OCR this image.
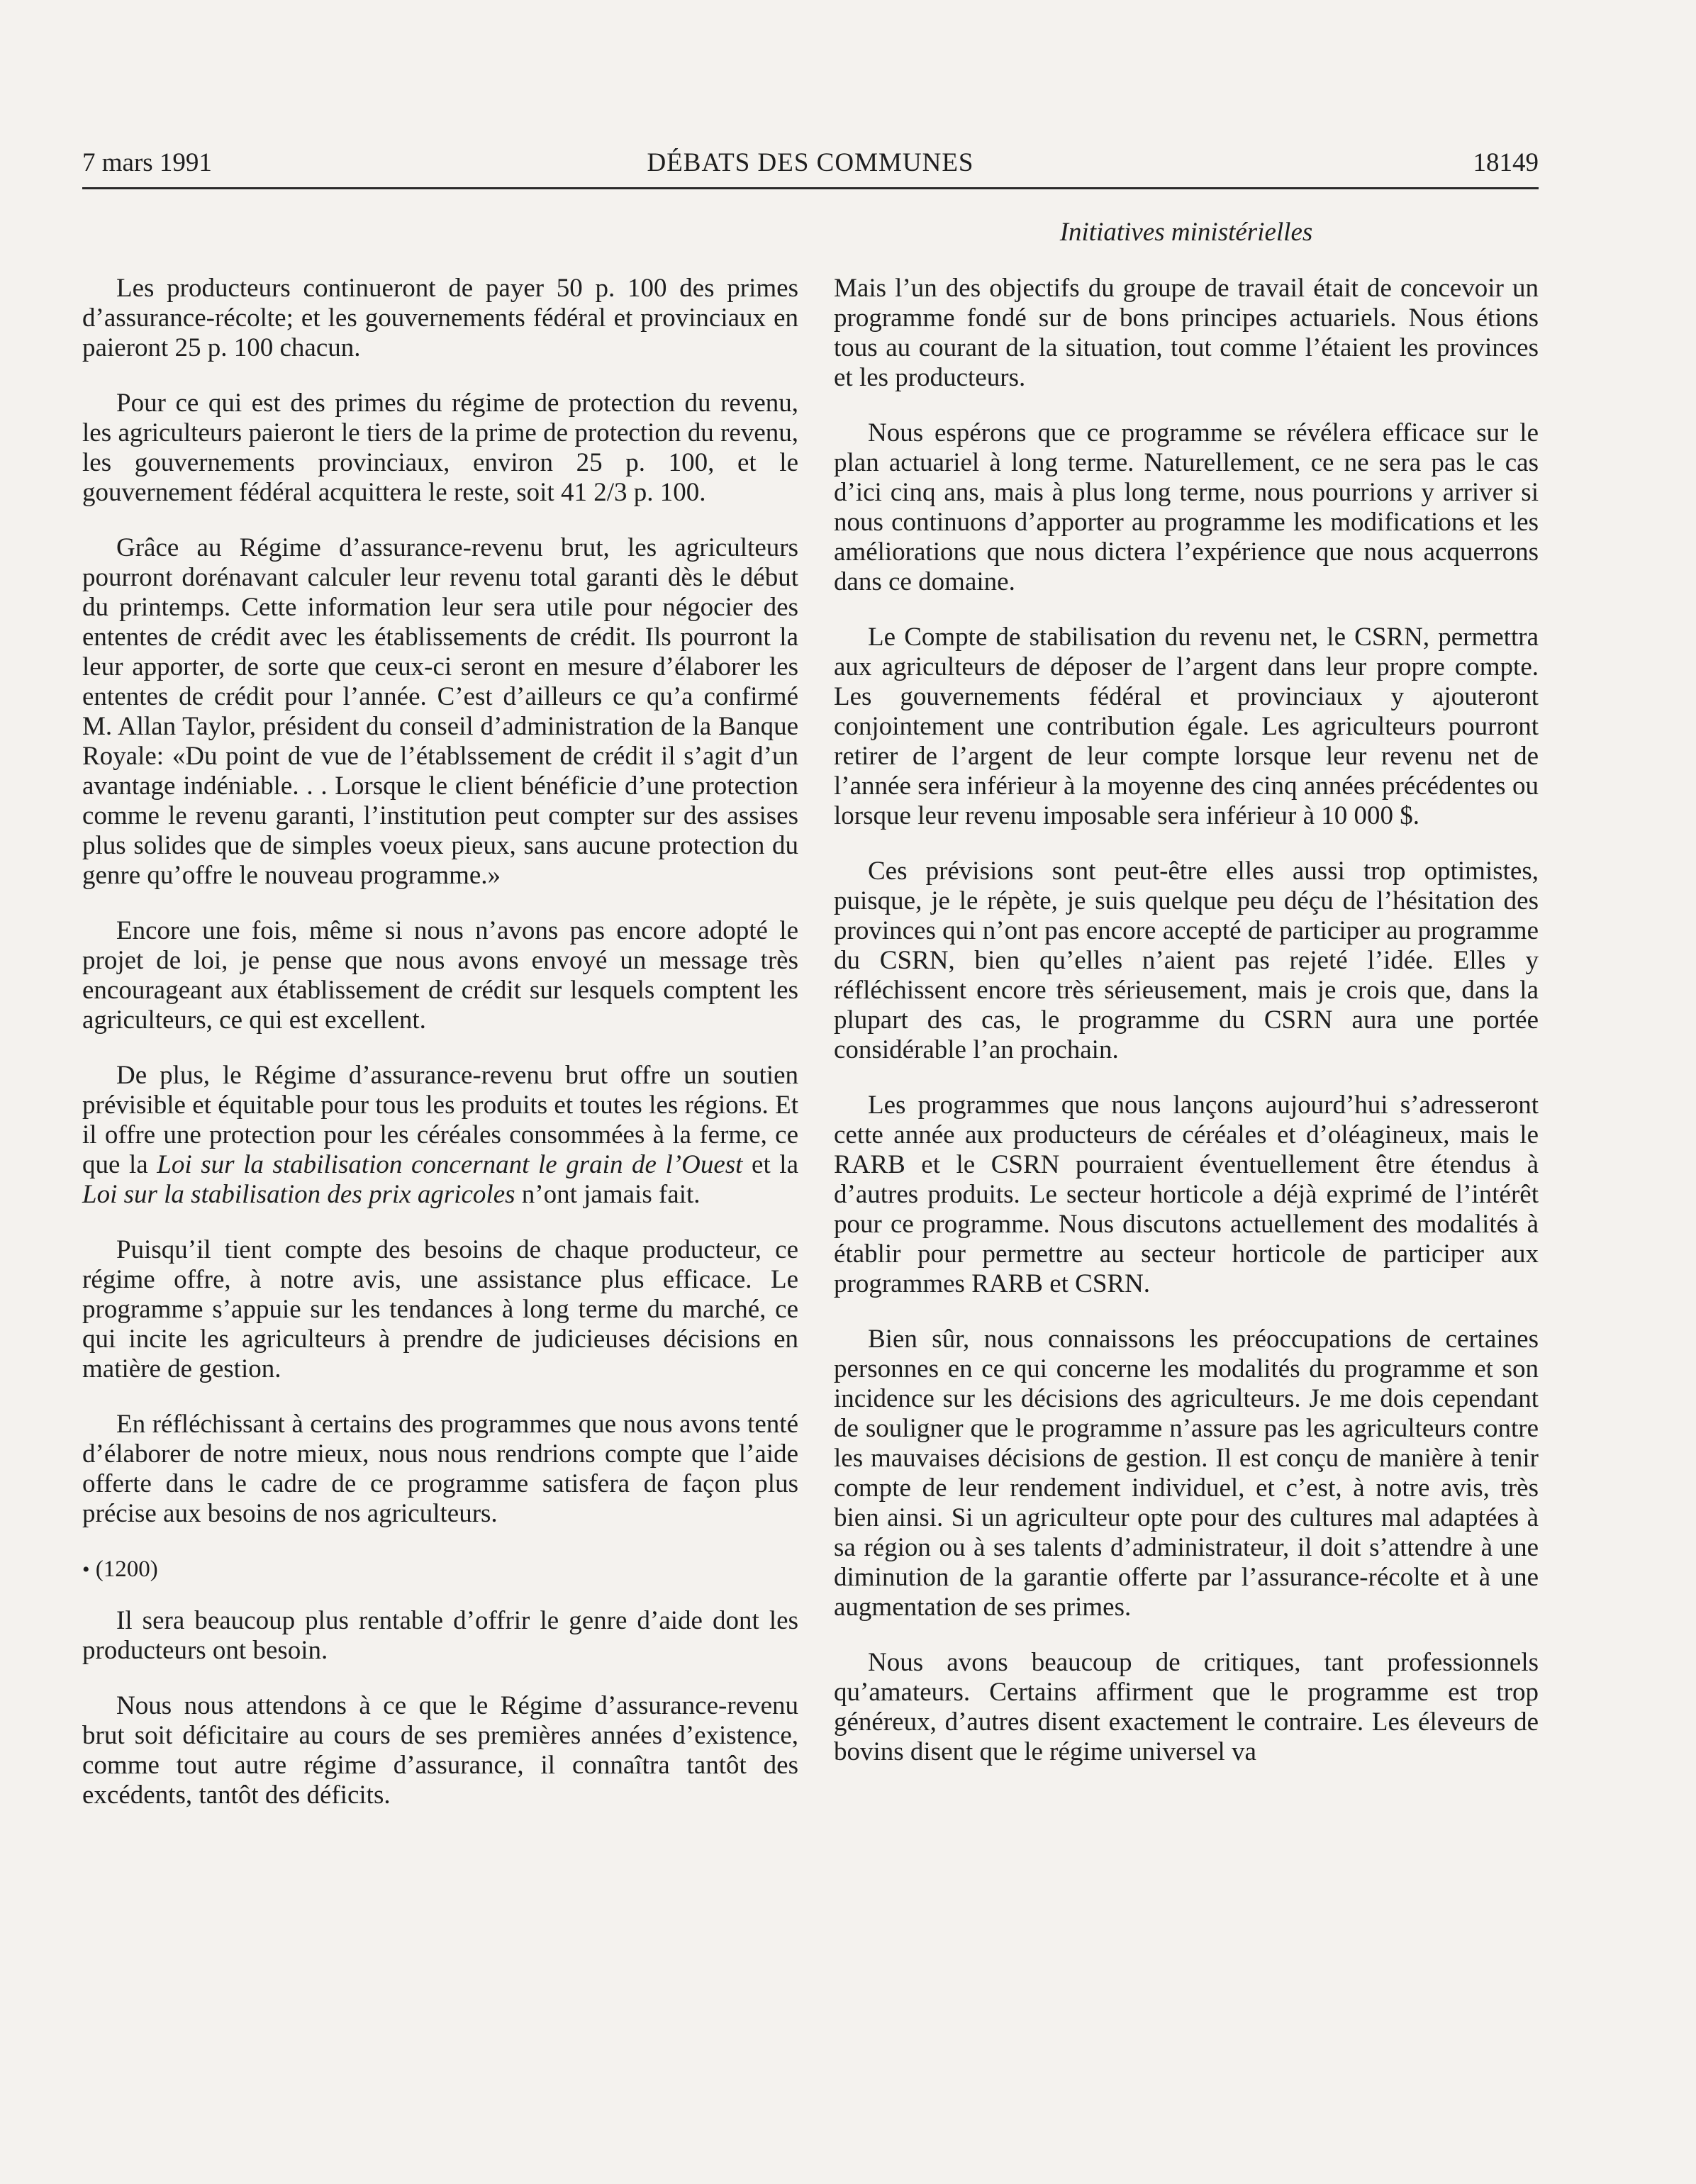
7 mars 1991	DÉBATS DES COMMUNES	18149
Initiatives ministérielles

Les producteurs continueront de payer 50 p. 100 des primes d’assurance-récolte; et les gouvernements fédéral et provinciaux en paieront 25 p. 100 chacun.

Pour ce qui est des primes du régime de protection du revenu, les agriculteurs paieront le tiers de la prime de protection du revenu, les gouvernements provinciaux, environ 25 p. 100, et le gouvernement fédéral acquittera le reste, soit 41 2/3 p. 100.

Grâce au Régime d’assurance-revenu brut, les agriculteurs pourront dorénavant calculer leur revenu total garanti dès le début du printemps. Cette information leur sera utile pour négocier des ententes de crédit avec les établissements de crédit. Ils pourront la leur apporter, de sorte que ceux-ci seront en mesure d’élaborer les ententes de crédit pour l’année. C’est d’ailleurs ce qu’a confirmé M. Allan Taylor, président du conseil d’administration de la Banque Royale: «Du point de vue de l’établssement de crédit il s’agit d’un avantage indéniable. . . Lorsque le client bénéficie d’une protection comme le revenu garanti, l’institution peut compter sur des assises plus solides que de simples voeux pieux, sans aucune protection du genre qu’offre le nouveau programme.»

Encore une fois, même si nous n’avons pas encore adopté le projet de loi, je pense que nous avons envoyé un message très encourageant aux établissement de crédit sur lesquels comptent les agriculteurs, ce qui est excellent.

De plus, le Régime d’assurance-revenu brut offre un soutien prévisible et équitable pour tous les produits et toutes les régions. Et il offre une protection pour les céréales consommées à la ferme, ce que la Loi sur la stabilisation concernant le grain de l’Ouest et la Loi sur la stabilisation des prix agricoles n’ont jamais fait.

Puisqu’il tient compte des besoins de chaque producteur, ce régime offre, à notre avis, une assistance plus efficace. Le programme s’appuie sur les tendances à long terme du marché, ce qui incite les agriculteurs à prendre de judicieuses décisions en matière de gestion.

En réfléchissant à certains des programmes que nous avons tenté d’élaborer de notre mieux, nous nous rendrions compte que l’aide offerte dans le cadre de ce programme satisfera de façon plus précise aux besoins de nos agriculteurs.

• (1200)

Il sera beaucoup plus rentable d’offrir le genre d’aide dont les producteurs ont besoin.

Nous nous attendons à ce que le Régime d’assurance-revenu brut soit déficitaire au cours de ses premières années d’existence, comme tout autre régime d’assurance, il connaîtra tantôt des excédents, tantôt des déficits.

Mais l’un des objectifs du groupe de travail était de concevoir un programme fondé sur de bons principes actuariels. Nous étions tous au courant de la situation, tout comme l’étaient les provinces et les producteurs.

Nous espérons que ce programme se révélera efficace sur le plan actuariel à long terme. Naturellement, ce ne sera pas le cas d’ici cinq ans, mais à plus long terme, nous pourrions y arriver si nous continuons d’apporter au programme les modifications et les améliorations que nous dictera l’expérience que nous acquerrons dans ce domaine.

Le Compte de stabilisation du revenu net, le CSRN, permettra aux agriculteurs de déposer de l’argent dans leur propre compte. Les gouvernements fédéral et provinciaux y ajouteront conjointement une contribution égale. Les agriculteurs pourront retirer de l’argent de leur compte lorsque leur revenu net de l’année sera inférieur à la moyenne des cinq années précédentes ou lorsque leur revenu imposable sera inférieur à 10 000 $.

Ces prévisions sont peut-être elles aussi trop optimistes, puisque, je le répète, je suis quelque peu déçu de l’hésitation des provinces qui n’ont pas encore accepté de participer au programme du CSRN, bien qu’elles n’aient pas rejeté l’idée. Elles y réfléchissent encore très sérieusement, mais je crois que, dans la plupart des cas, le programme du CSRN aura une portée considérable l’an prochain.

Les programmes que nous lançons aujourd’hui s’adresseront cette année aux producteurs de céréales et d’oléagineux, mais le RARB et le CSRN pourraient éventuellement être étendus à d’autres produits. Le secteur horticole a déjà exprimé de l’intérêt pour ce programme. Nous discutons actuellement des modalités à établir pour permettre au secteur horticole de participer aux programmes RARB et CSRN.

Bien sûr, nous connaissons les préoccupations de certaines personnes en ce qui concerne les modalités du programme et son incidence sur les décisions des agriculteurs. Je me dois cependant de souligner que le programme n’assure pas les agriculteurs contre les mauvaises décisions de gestion. Il est conçu de manière à tenir compte de leur rendement individuel, et c’est, à notre avis, très bien ainsi. Si un agriculteur opte pour des cultures mal adaptées à sa région ou à ses talents d’administrateur, il doit s’attendre à une diminution de la garantie offerte par l’assurance-récolte et à une augmentation de ses primes.

Nous avons beaucoup de critiques, tant professionnels qu’amateurs. Certains affirment que le programme est trop généreux, d’autres disent exactement le contraire. Les éleveurs de bovins disent que le régime universel va
